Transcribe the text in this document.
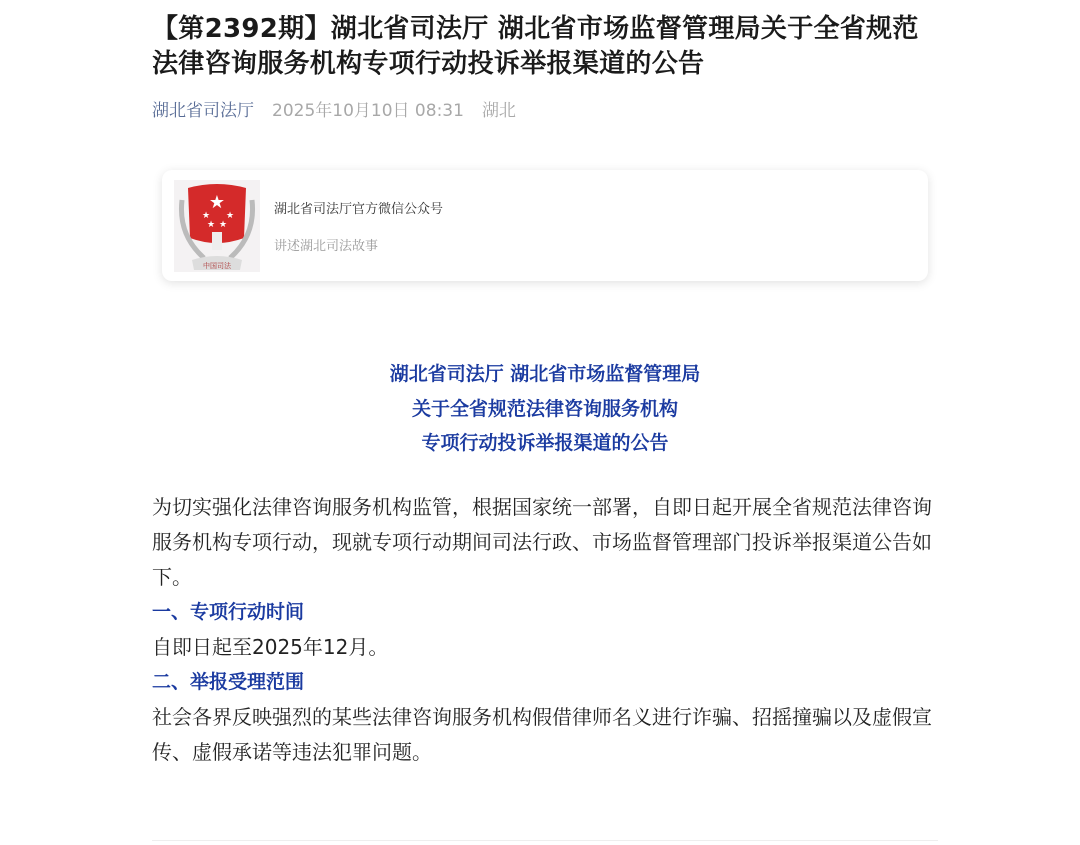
【第2392期】湖北省司法厅 湖北省市场监督管理局关于全省规范法律咨询服务机构专项行动投诉举报渠道的公告
湖北省司法厅 2025年10月10日 08:31 湖北
★
★ ★
★ ★
中国司法
湖北省司法厅官方微信公众号
讲述湖北司法故事
湖北省司法厅 湖北省市场监督管理局
关于全省规范法律咨询服务机构
专项行动投诉举报渠道的公告

为切实强化法律咨询服务机构监管，根据国家统一部署，自即日起开展全省规范法律咨询服务机构专项行动，现就专项行动期间司法行政、市场监督管理部门投诉举报渠道公告如下。

一、专项行动时间

自即日起至2025年12月。

二、举报受理范围

社会各界反映强烈的某些法律咨询服务机构假借律师名义进行诈骗、招摇撞骗以及虚假宣传、虚假承诺等违法犯罪问题。
